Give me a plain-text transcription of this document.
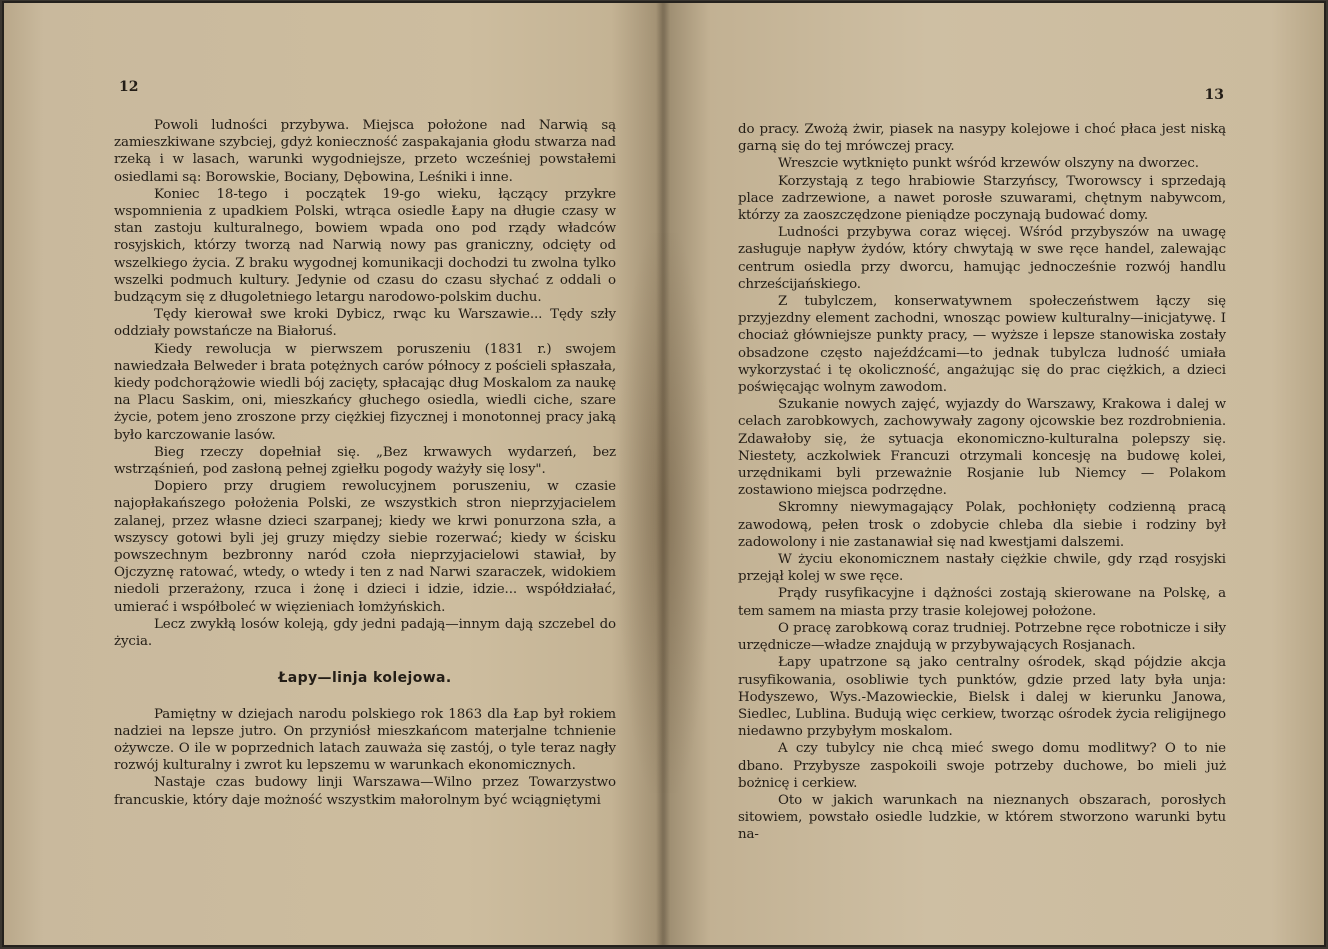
12

Powoli ludności przybywa. Miejsca położone nad Narwią są zamieszkiwane szybciej, gdyż konieczność zaspakajania głodu stwarza nad rzeką i w lasach, warunki wygodniejsze, przeto wcześniej powstałemi osiedlami są: Borowskie, Bociany, Dębowina, Leśniki i inne.

Koniec 18-tego i początek 19-go wieku, łączący przykre wspomnienia z upadkiem Polski, wtrąca osiedle Łapy na długie czasy w stan zastoju kulturalnego, bowiem wpada ono pod rządy władców rosyjskich, którzy tworzą nad Narwią nowy pas graniczny, odcięty od wszelkiego życia. Z braku wygodnej komunikacji dochodzi tu zwolna tylko wszelki podmuch kultury. Jedynie od czasu do czasu słychać z oddali o budzącym się z długoletniego letargu narodowo-polskim duchu.

Tędy kierował swe kroki Dybicz, rwąc ku Warszawie... Tędy szły oddziały powstańcze na Białoruś.

Kiedy rewolucja w pierwszem poruszeniu (1831 r.) swojem nawiedzała Belweder i brata potężnych carów północy z pościeli spłaszała, kiedy podchorążowie wiedli bój zacięty, spłacając dług Moskalom za naukę na Placu Saskim, oni, mieszkańcy głuchego osiedla, wiedli ciche, szare życie, potem jeno zroszone przy ciężkiej fizycznej i monotonnej pracy jaką było karczowanie lasów.

Bieg rzeczy dopełniał się. „Bez krwawych wydarzeń, bez wstrząśnień, pod zasłoną pełnej zgiełku pogody ważyły się losy".

Dopiero przy drugiem rewolucyjnem poruszeniu, w czasie najopłakańszego położenia Polski, ze wszystkich stron nieprzyjacielem zalanej, przez własne dzieci szarpanej; kiedy we krwi ponurzona szła, a wszyscy gotowi byli jej gruzy między siebie rozerwać; kiedy w ścisku powszechnym bezbronny naród czoła nieprzyjacielowi stawiał, by Ojczyznę ratować, wtedy, o wtedy i ten z nad Narwi szaraczek, widokiem niedoli przerażony, rzuca i żonę i dzieci i idzie, idzie... współdziałać, umierać i współboleć w więzieniach łomżyńskich.

Lecz zwykłą losów koleją, gdy jedni padają—innym dają szczebel do życia.

Łapy—linja kolejowa.

Pamiętny w dziejach narodu polskiego rok 1863 dla Łap był rokiem nadziei na lepsze jutro. On przyniósł mieszkańcom materjalne tchnienie ożywcze. O ile w poprzednich latach zauważa się zastój, o tyle teraz nagły rozwój kulturalny i zwrot ku lepszemu w warunkach ekonomicznych.

Nastaje czas budowy linji Warszawa—Wilno przez Towarzystwo francuskie, który daje możność wszystkim małorolnym być wciągniętymi

13

do pracy. Zwożą żwir, piasek na nasypy kolejowe i choć płaca jest niską garną się do tej mrówczej pracy.

Wreszcie wytknięto punkt wśród krzewów olszyny na dworzec.

Korzystają z tego hrabiowie Starzyńscy, Tworowscy i sprzedają place zadrzewione, a nawet porosłe szuwarami, chętnym nabywcom, którzy za zaoszczędzone pieniądze poczynają budować domy.

Ludności przybywa coraz więcej. Wśród przybyszów na uwagę zasługuje napływ żydów, który chwytają w swe ręce handel, zalewając centrum osiedla przy dworcu, hamując jednocześnie rozwój handlu chrześcijańskiego.

Z tubylczem, konserwatywnem społeczeństwem łączy się przyjezdny element zachodni, wnosząc powiew kulturalny—inicjatywę. I chociaż główniejsze punkty pracy, — wyższe i lepsze stanowiska zostały obsadzone często najeźdźcami—to jednak tubylcza ludność umiała wykorzystać i tę okoliczność, angażując się do prac ciężkich, a dzieci poświęcając wolnym zawodom.

Szukanie nowych zajęć, wyjazdy do Warszawy, Krakowa i dalej w celach zarobkowych, zachowywały zagony ojcowskie bez rozdrobnienia. Zdawałoby się, że sytuacja ekonomiczno-kulturalna polepszy się. Niestety, aczkolwiek Francuzi otrzymali koncesję na budowę kolei, urzędnikami byli przeważnie Rosjanie lub Niemcy — Polakom zostawiono miejsca podrzędne.

Skromny niewymagający Polak, pochłonięty codzienną pracą zawodową, pełen trosk o zdobycie chleba dla siebie i rodziny był zadowolony i nie zastanawiał się nad kwestjami dalszemi.

W życiu ekonomicznem nastały ciężkie chwile, gdy rząd rosyjski przejął kolej w swe ręce.

Prądy rusyfikacyjne i dążności zostają skierowane na Polskę, a tem samem na miasta przy trasie kolejowej położone.

O pracę zarobkową coraz trudniej. Potrzebne ręce robotnicze i siły urzędnicze—władze znajdują w przybywających Rosjanach.

Łapy upatrzone są jako centralny ośrodek, skąd pójdzie akcja rusyfikowania, osobliwie tych punktów, gdzie przed laty była unja: Hodyszewo, Wys.-Mazowieckie, Bielsk i dalej w kierunku Janowa, Siedlec, Lublina. Budują więc cerkiew, tworząc ośrodek życia religijnego niedawno przybyłym moskalom.

A czy tubylcy nie chcą mieć swego domu modlitwy? O to nie dbano. Przybysze zaspokoili swoje potrzeby duchowe, bo mieli już bożnicę i cerkiew.

Oto w jakich warunkach na nieznanych obszarach, porosłych sitowiem, powstało osiedle ludzkie, w którem stworzono warunki bytu na-
